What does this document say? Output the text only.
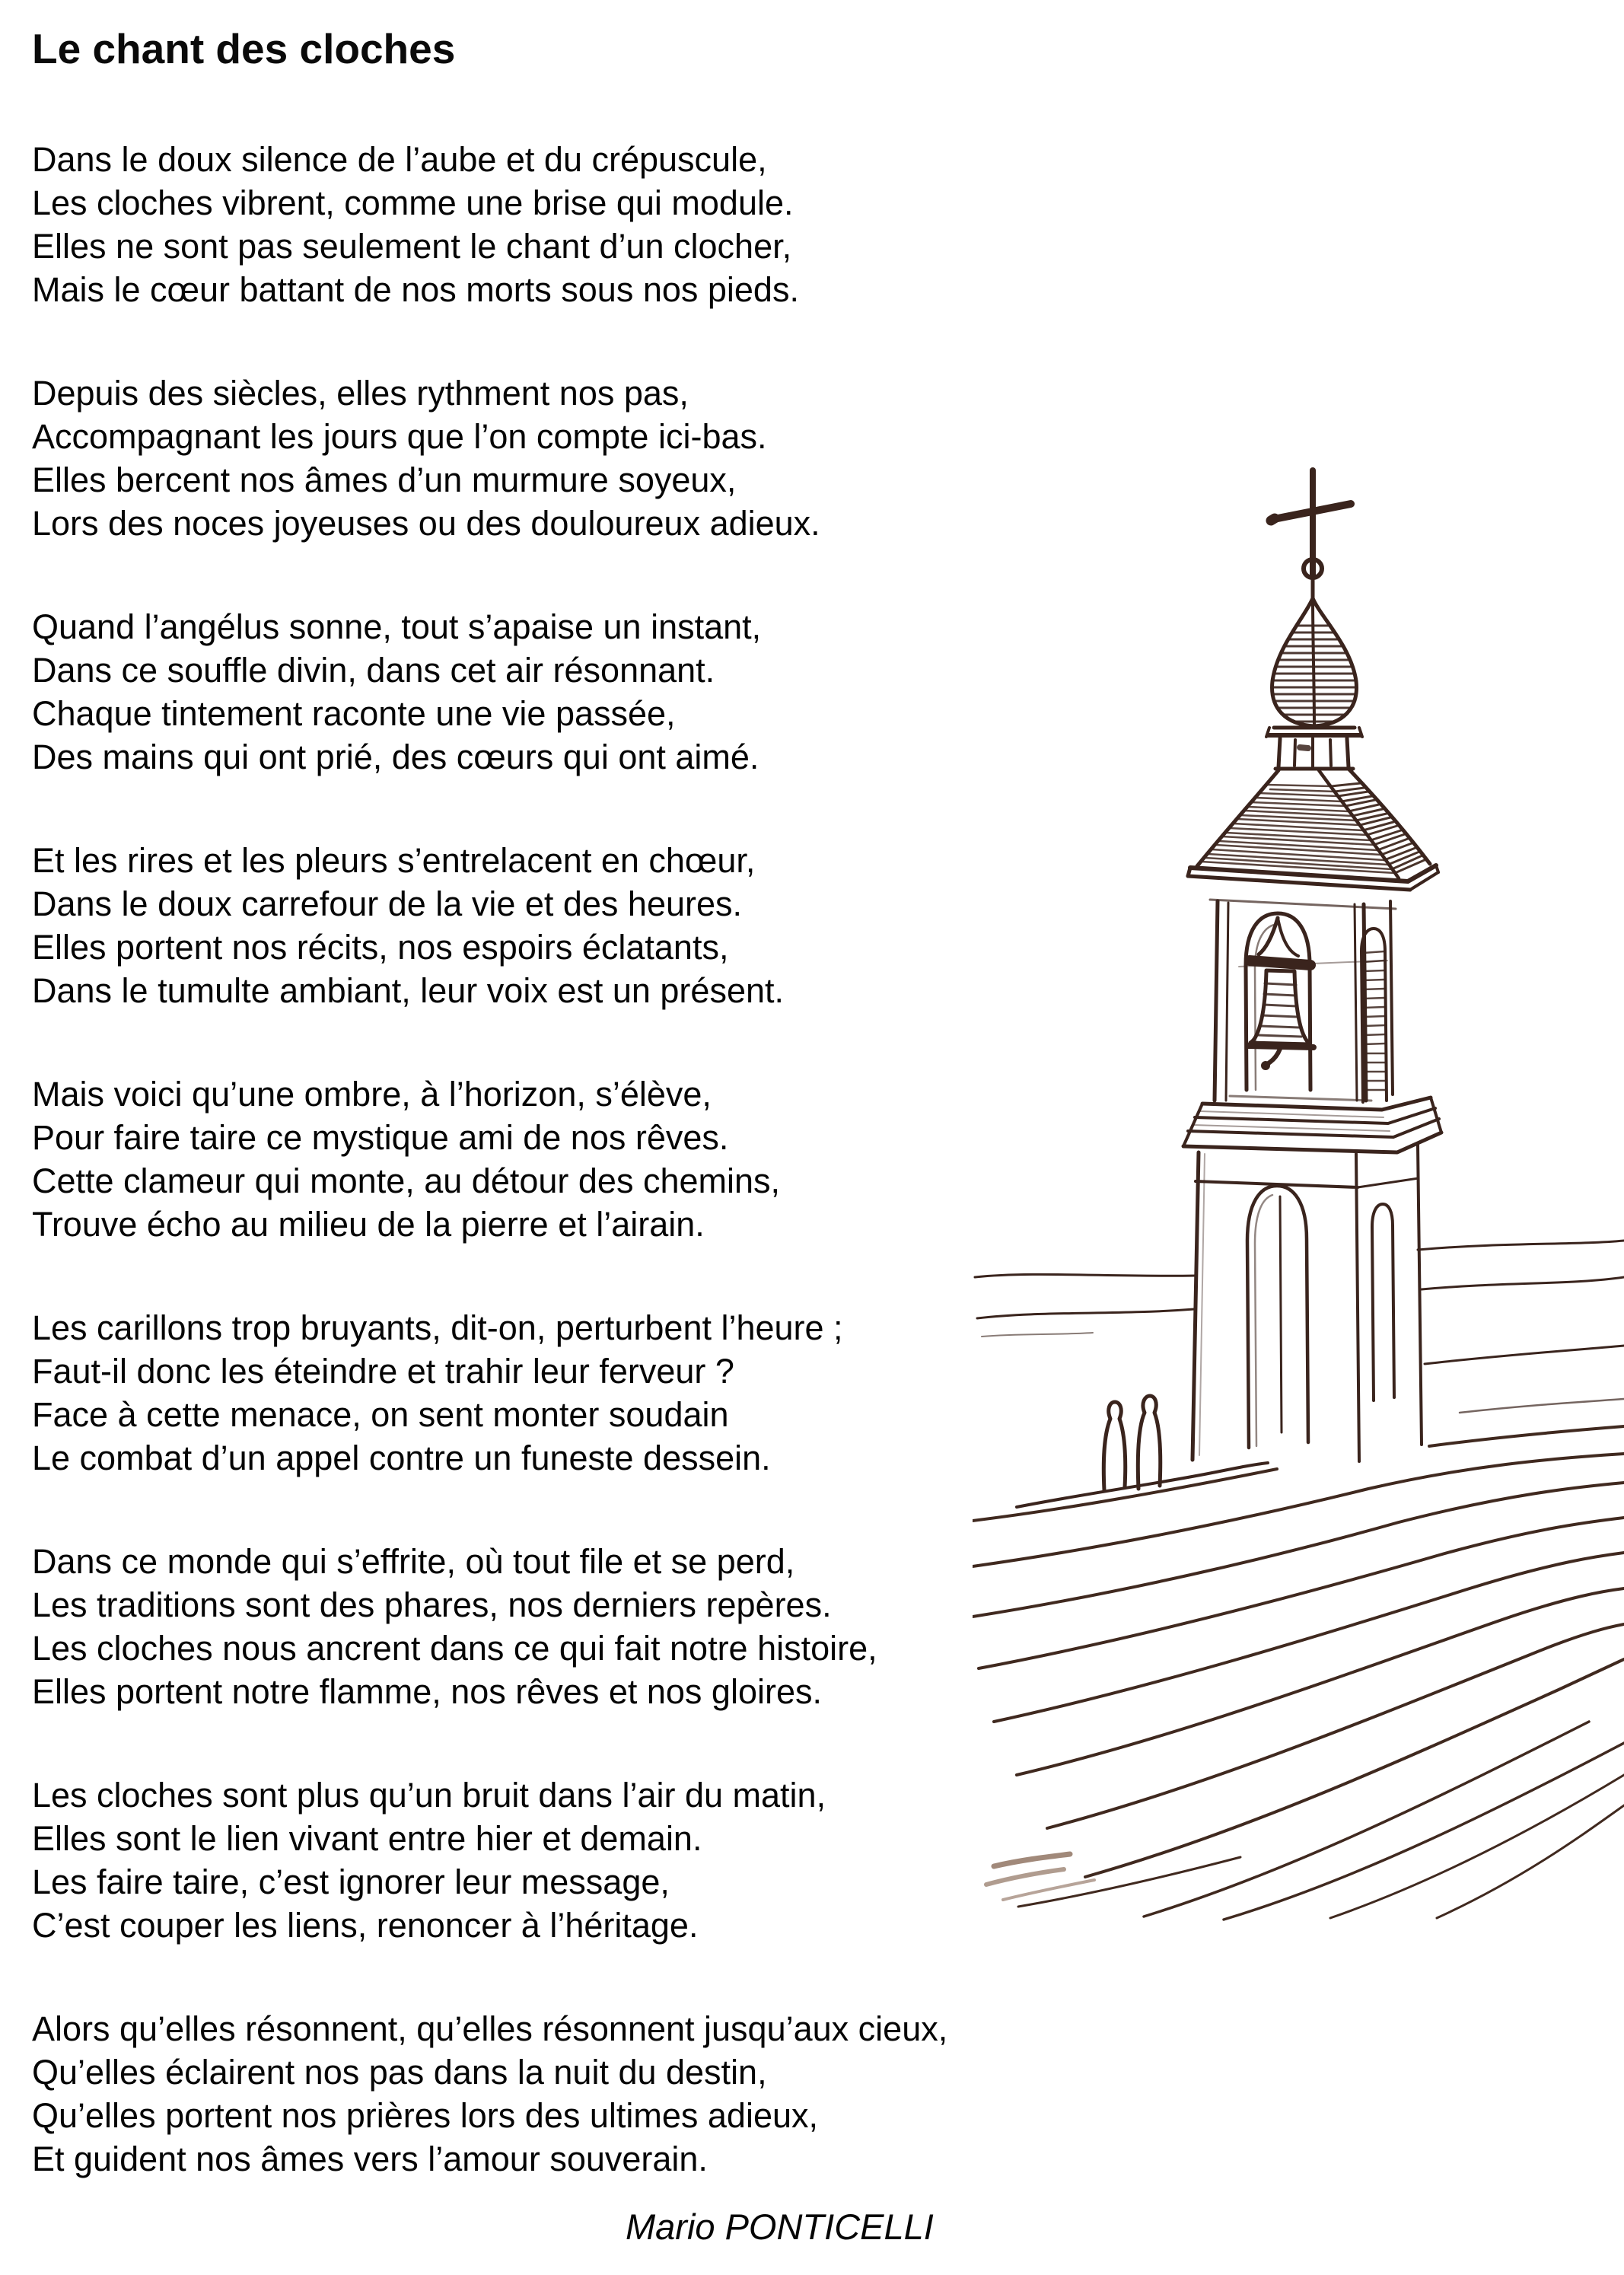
Le chant des cloches

Dans le doux silence de l’aube et du crépuscule,
Les cloches vibrent, comme une brise qui module.
Elles ne sont pas seulement le chant d’un clocher,
Mais le cœur battant de nos morts sous nos pieds.

Depuis des siècles, elles rythment nos pas,
Accompagnant les jours que l’on compte ici-bas.
Elles bercent nos âmes d’un murmure soyeux,
Lors des noces joyeuses ou des douloureux adieux.

Quand l’angélus sonne, tout s’apaise un instant,
Dans ce souffle divin, dans cet air résonnant.
Chaque tintement raconte une vie passée,
Des mains qui ont prié, des cœurs qui ont aimé.

Et les rires et les pleurs s’entrelacent en chœur,
Dans le doux carrefour de la vie et des heures.
Elles portent nos récits, nos espoirs éclatants,
Dans le tumulte ambiant, leur voix est un présent.

Mais voici qu’une ombre, à l’horizon, s’élève,
Pour faire taire ce mystique ami de nos rêves.
Cette clameur qui monte, au détour des chemins,
Trouve écho au milieu de la pierre et l’airain.

Les carillons trop bruyants, dit-on, perturbent l’heure ;
Faut-il donc les éteindre et trahir leur ferveur ?
Face à cette menace, on sent monter soudain
Le combat d’un appel contre un funeste dessein.

Dans ce monde qui s’effrite, où tout file et se perd,
Les traditions sont des phares, nos derniers repères.
Les cloches nous ancrent dans ce qui fait notre histoire,
Elles portent notre flamme, nos rêves et nos gloires.

Les cloches sont plus qu’un bruit dans l’air du matin,
Elles sont le lien vivant entre hier et demain.
Les faire taire, c’est ignorer leur message,
C’est couper les liens, renoncer à l’héritage.

Alors qu’elles résonnent, qu’elles résonnent jusqu’aux cieux,
Qu’elles éclairent nos pas dans la nuit du destin,
Qu’elles portent nos prières lors des ultimes adieux,
Et guident nos âmes vers l’amour souverain.

Mario PONTICELLI
